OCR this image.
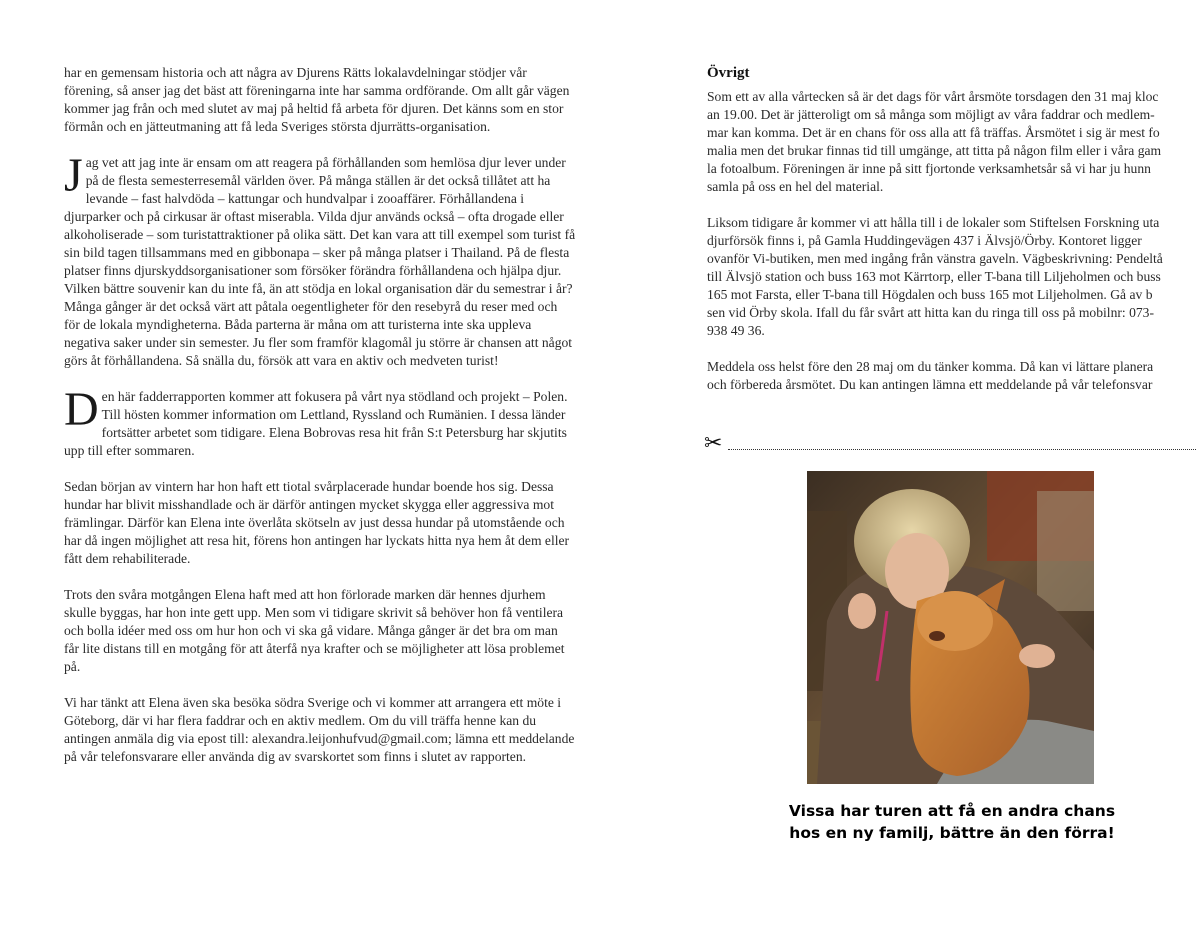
har en gemensam historia och att några av Djurens Rätts lokalavdelningar stödjer vår förening, så anser jag det bäst att föreningarna inte har samma ordförande. Om allt går vägen kommer jag från och med slutet av maj på heltid få arbeta för djuren. Det känns som en stor förmån och en jätteutmaning att få leda Sveriges största djurrätts-organisation.

Jag vet att jag inte är ensam om att reagera på förhållanden som hemlösa djur lever under på de flesta semesterresemål världen över. På många ställen är det också tillåtet att ha levande – fast halvdöda – kattungar och hundvalpar i zooaffärer. Förhållandena i djurparker och på cirkusar är oftast miserabla. Vilda djur används också – ofta drogade eller alkoholiserade – som turistattraktioner på olika sätt. Det kan vara att till exempel som turist få sin bild tagen tillsammans med en gibbonapa – sker på många platser i Thailand. På de flesta platser finns djurskyddsorganisationer som försöker förändra förhållandena och hjälpa djur. Vilken bättre souvenir kan du inte få, än att stödja en lokal organisation där du semestrar i år? Många gånger är det också värt att påtala oegentligheter för den resebyrå du reser med och för de lokala myndigheterna. Båda parterna är måna om att turisterna inte ska uppleva negativa saker under sin semester. Ju fler som framför klagomål ju större är chansen att något görs åt förhållandena. Så snälla du, försök att vara en aktiv och medveten turist!

Den här fadderrapporten kommer att fokusera på vårt nya stödland och projekt – Polen. Till hösten kommer information om Lettland, Ryssland och Rumänien. I dessa länder fortsätter arbetet som tidigare. Elena Bobrovas resa hit från S:t Petersburg har skjutits upp till efter sommaren.

Sedan början av vintern har hon haft ett tiotal svårplacerade hundar boende hos sig. Dessa hundar har blivit misshandlade och är därför antingen mycket skygga eller aggressiva mot främlingar. Därför kan Elena inte överlåta skötseln av just dessa hundar på utomstående och har då ingen möjlighet att resa hit, förens hon antingen har lyckats hitta nya hem åt dem eller fått dem rehabiliterade.

Trots den svåra motgången Elena haft med att hon förlorade marken där hennes djurhem skulle byggas, har hon inte gett upp. Men som vi tidigare skrivit så behöver hon få ventilera och bolla idéer med oss om hur hon och vi ska gå vidare. Många gånger är det bra om man får lite distans till en motgång för att återfå nya krafter och se möjligheter att lösa problemet på.

Vi har tänkt att Elena även ska besöka södra Sverige och vi kommer att arrangera ett möte i Göteborg, där vi har flera faddrar och en aktiv medlem. Om du vill träffa henne kan du antingen anmäla dig via epost till: alexandra.leijonhufvud@gmail.com; lämna ett meddelande på vår telefonsvarare eller använda dig av svarskortet som finns i slutet av rapporten.

Övrigt
Som ett av alla vårtecken så är det dags för vårt årsmöte torsdagen den 31 maj kloc
an 19.00. Det är jätteroligt om så många som möjligt av våra faddrar och medlem-
mar kan komma. Det är en chans för oss alla att få träffas. Årsmötet i sig är mest fo
malia men det brukar finnas tid till umgänge, att titta på någon film eller i våra gam
la fotoalbum. Föreningen är inne på sitt fjortonde verksamhetsår så vi har ju hunn
samla på oss en hel del material.
Liksom tidigare år kommer vi att hålla till i de lokaler som Stiftelsen Forskning uta
djurförsök finns i, på Gamla Huddingevägen 437 i Älvsjö/Örby. Kontoret ligger
ovanför Vi-butiken, men med ingång från vänstra gaveln. Vägbeskrivning: Pendeltå
till Älvsjö station och buss 163 mot Kärrtorp, eller T-bana till Liljeholmen och buss
165 mot Farsta, eller T-bana till Högdalen och buss 165 mot Liljeholmen. Gå av b
sen vid Örby skola. Ifall du får svårt att hitta kan du ringa till oss på mobilnr: 073-
938 49 36.
Meddela oss helst före den 28 maj om du tänker komma. Då kan vi lättare planera
och förbereda årsmötet. Du kan antingen lämna ett meddelande på vår telefonsvar
✂
Vissa har turen att få en andra chans
hos en ny familj, bättre än den förra!
